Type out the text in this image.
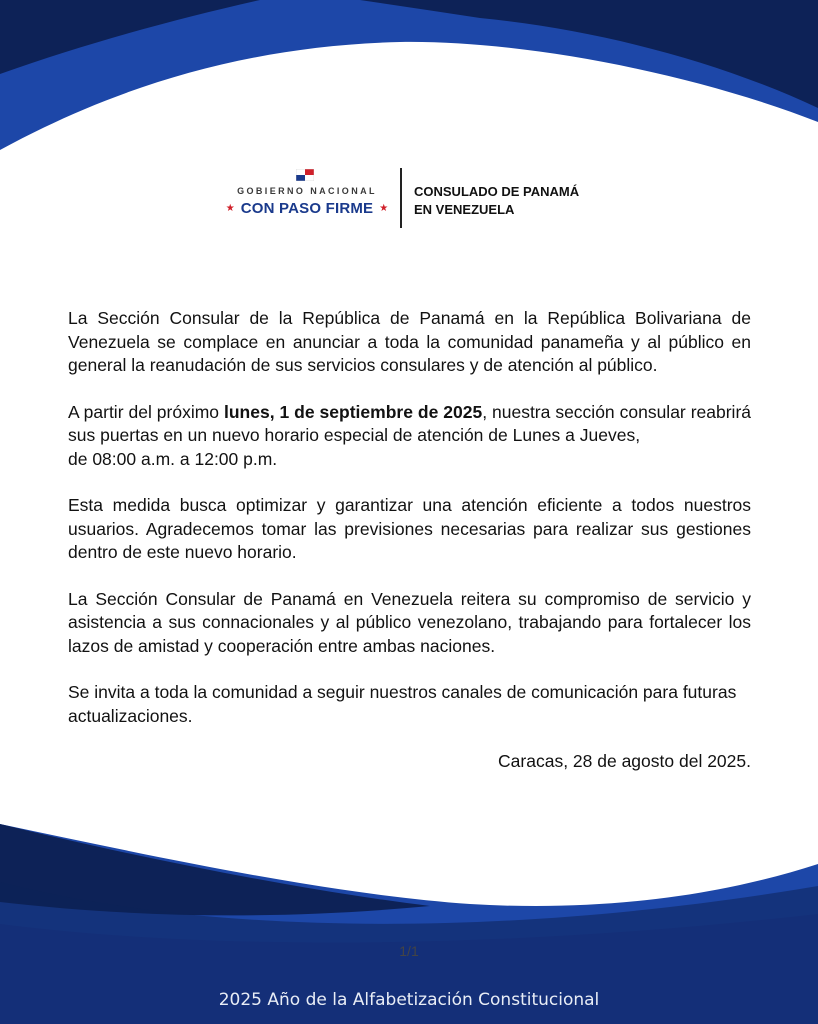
GOBIERNO NACIONAL
★ CON PASO FIRME ★
CONSULADO DE PANAMÁ
EN VENEZUELA

La Sección Consular de la República de Panamá en la República Bolivariana de Venezuela se complace en anunciar a toda la comunidad panameña y al público en general la reanudación de sus servicios consulares y de atención al público.

A partir del próximo lunes, 1 de septiembre de 2025, nuestra sección consular reabrirá sus puertas en un nuevo horario especial de atención de Lunes a Jueves,
de 08:00 a.m. a 12:00 p.m.

Esta medida busca optimizar y garantizar una atención eficiente a todos nuestros usuarios. Agradecemos tomar las previsiones necesarias para realizar sus gestiones dentro de este nuevo horario.

La Sección Consular de Panamá en Venezuela reitera su compromiso de servicio y asistencia a sus connacionales y al público venezolano, trabajando para fortalecer los lazos de amistad y cooperación entre ambas naciones.

Se invita a toda la comunidad a seguir nuestros canales de comunicación para futuras actualizaciones.

Caracas, 28 de agosto del 2025.
1/1
2025 Año de la Alfabetización Constitucional
